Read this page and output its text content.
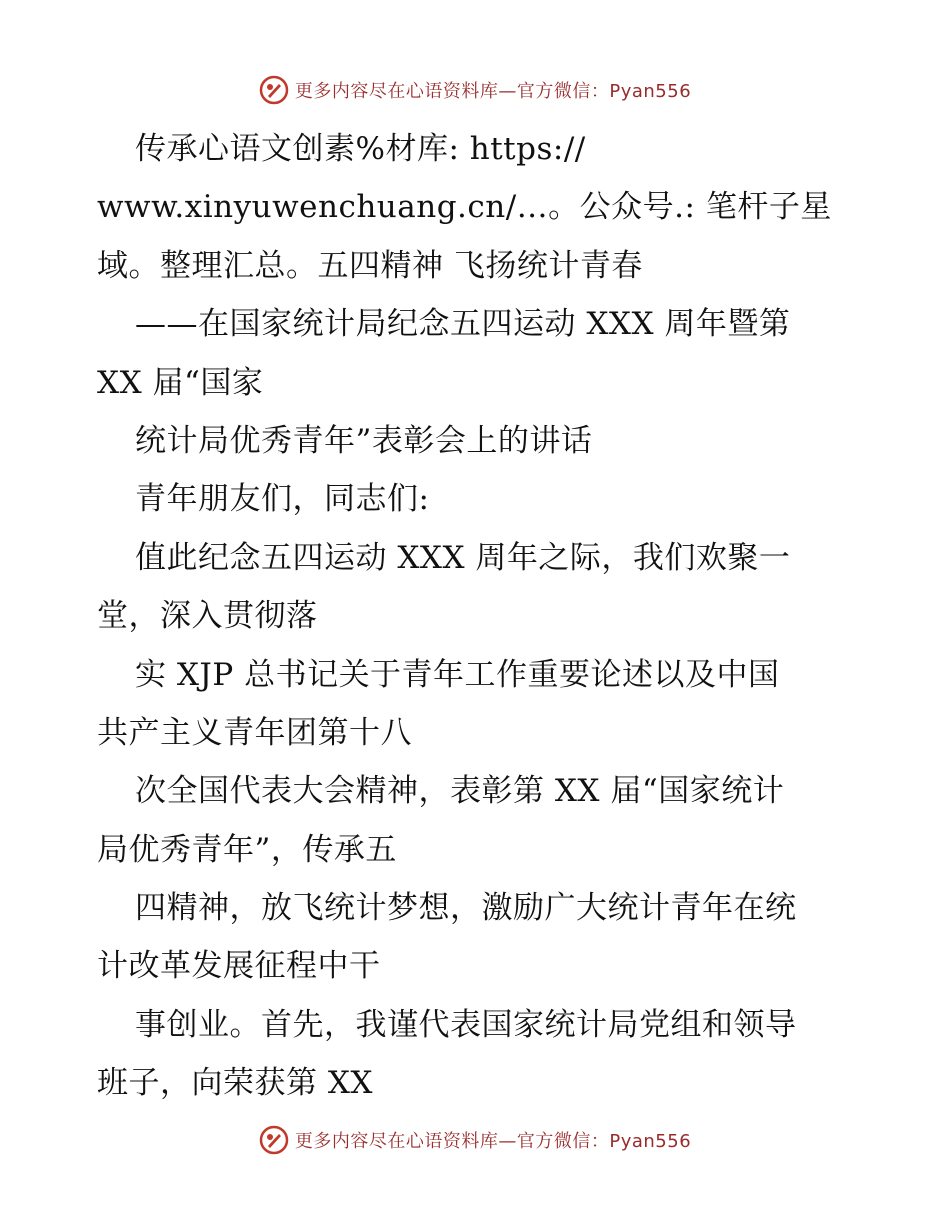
更多内容尽在心语资料库—官方微信：Pyan556
传承心语文创素%材库: https://
www.xinyuwenchuang.cn/…。公众号.: 笔杆子星
域。整理汇总。五四精神 飞扬统计青春
——在国家统计局纪念五四运动 XXX 周年暨第
XX 届“国家
统计局优秀青年”表彰会上的讲话
青年朋友们，同志们:
值此纪念五四运动 XXX 周年之际，我们欢聚一
堂，深入贯彻落
实 XJP 总书记关于青年工作重要论述以及中国
共产主义青年团第十八
次全国代表大会精神，表彰第 XX 届“国家统计
局优秀青年”，传承五
四精神，放飞统计梦想，激励广大统计青年在统
计改革发展征程中干
事创业。首先，我谨代表国家统计局党组和领导
班子，向荣获第 XX
更多内容尽在心语资料库—官方微信：Pyan556
